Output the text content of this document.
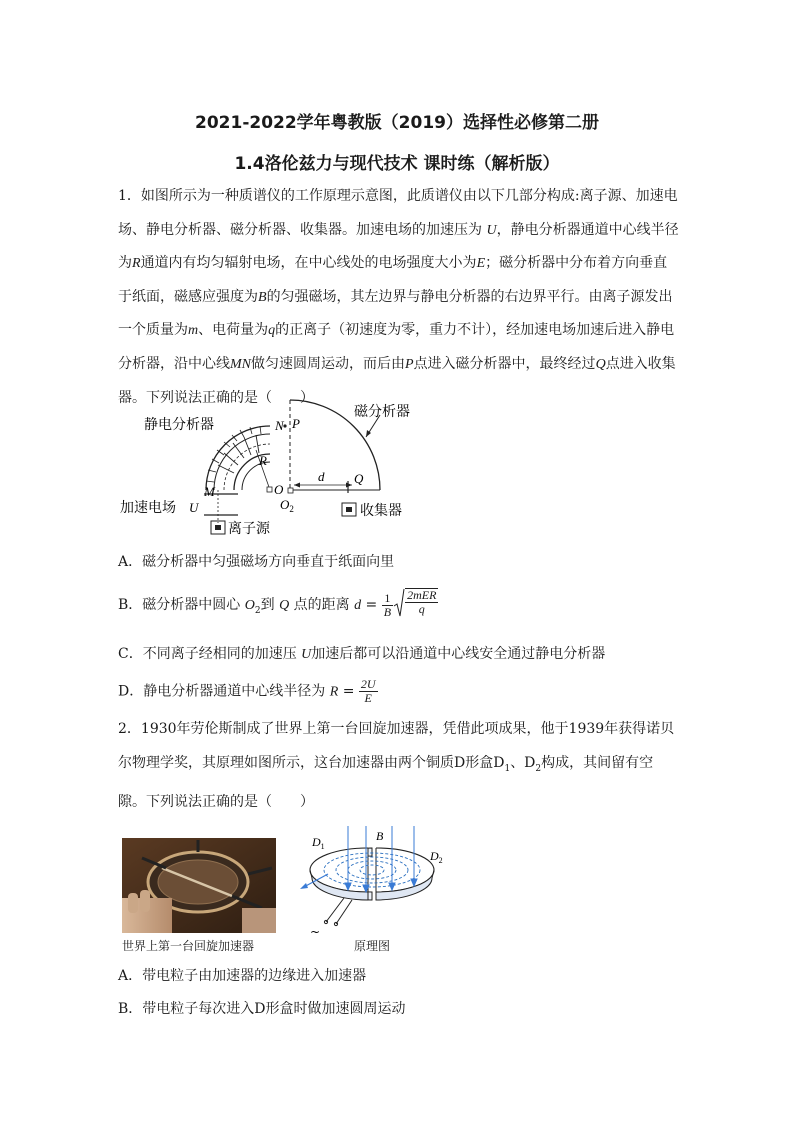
2021-2022学年粤教版（2019）选择性必修第二册
1.4洛伦兹力与现代技术 课时练（解析版）
1．如图所示为一种质谱仪的工作原理示意图，此质谱仪由以下几部分构成:离子源、加速电场、静电分析器、磁分析器、收集器。加速电场的加速压为 U，静电分析器通道中心线半径为R通道内有均匀辐射电场，在中心线处的电场强度大小为E；磁分析器中分布着方向垂直于纸面，磁感应强度为B的匀强磁场，其左边界与静电分析器的右边界平行。由离子源发出一个质量为m、电荷量为q的正离子（初速度为零，重力不计），经加速电场加速后进入静电分析器，沿中心线MN做匀速圆周运动，而后由P点进入磁分析器中，最终经过Q点进入收集器。下列说法正确的是（　　）
静电分析器
磁分析器
加速电场
离子源
收集器
N P
R
M
U
O
d Q
$O_2$
A．磁分析器中匀强磁场方向垂直于纸面向里
B．磁分析器中圆心 $O_2$到 Q 点的距离 $d = \frac{1}{B} \frac{\text{2mER}}{q}$
C．不同离子经相同的加速压 U加速后都可以沿通道中心线安全通过静电分析器
D．静电分析器通道中心线半径为 $R = \frac{2U}{E}$
2．1930年劳伦斯制成了世界上第一台回旋加速器，凭借此项成果，他于1939年获得诺贝尔物理学奖，其原理如图所示，这台加速器由两个铜质D形盒$D_1$、$D_2$构成，其间留有空隙。下列说法正确的是（　　）
世界上第一台回旋加速器
~
$D_1$
B
$D_2$
原理图
A．带电粒子由加速器的边缘进入加速器
B．带电粒子每次进入D形盒时做加速圆周运动
